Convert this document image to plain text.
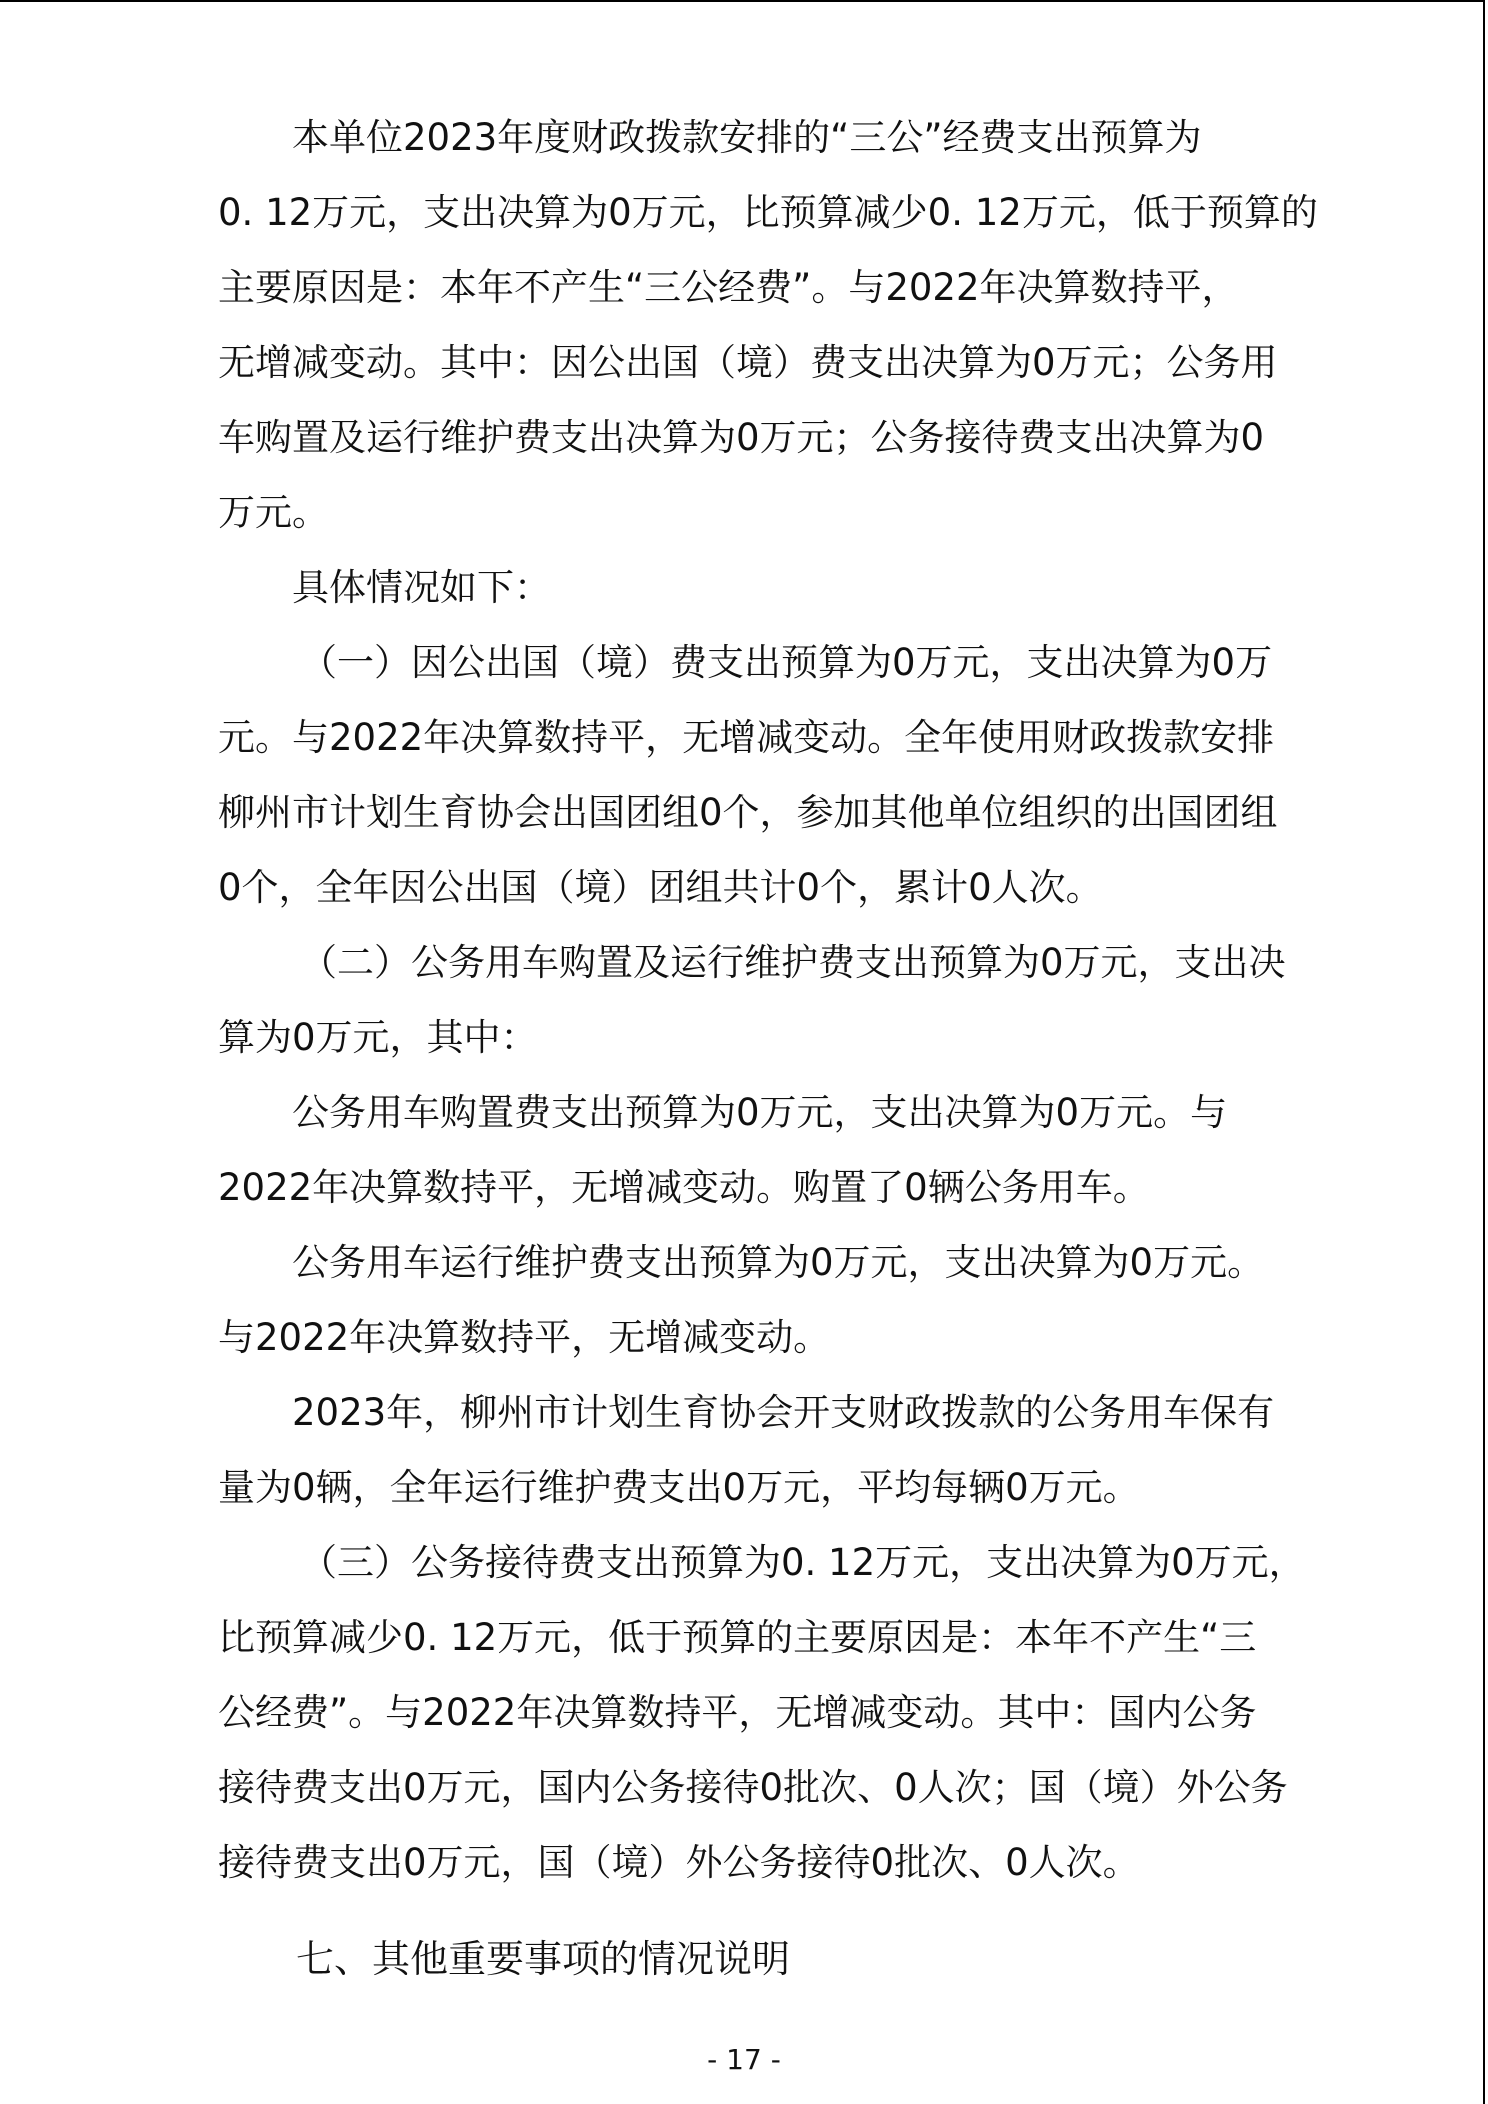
本单位2023年度财政拨款安排的“三公”经费支出预算为
0. 12万元，支出决算为0万元，比预算减少0. 12万元，低于预算的
主要原因是：本年不产生“三公经费”。与2022年决算数持平，
无增减变动。其中：因公出国（境）费支出决算为0万元；公务用
车购置及运行维护费支出决算为0万元；公务接待费支出决算为0
万元。
具体情况如下：
（一）因公出国（境）费支出预算为0万元，支出决算为0万
元。与2022年决算数持平，无增减变动。全年使用财政拨款安排
柳州市计划生育协会出国团组0个，参加其他单位组织的出国团组
0个，全年因公出国（境）团组共计0个，累计0人次。
（二）公务用车购置及运行维护费支出预算为0万元，支出决
算为0万元，其中：
公务用车购置费支出预算为0万元，支出决算为0万元。与
2022年决算数持平，无增减变动。购置了0辆公务用车。
公务用车运行维护费支出预算为0万元，支出决算为0万元。
与2022年决算数持平，无增减变动。
2023年，柳州市计划生育协会开支财政拨款的公务用车保有
量为0辆，全年运行维护费支出0万元，平均每辆0万元。
（三）公务接待费支出预算为0. 12万元，支出决算为0万元，
比预算减少0. 12万元，低于预算的主要原因是：本年不产生“三
公经费”。与2022年决算数持平，无增减变动。其中：国内公务
接待费支出0万元，国内公务接待0批次、0人次；国（境）外公务
接待费支出0万元，国（境）外公务接待0批次、0人次。
七、其他重要事项的情况说明
- 17 -
